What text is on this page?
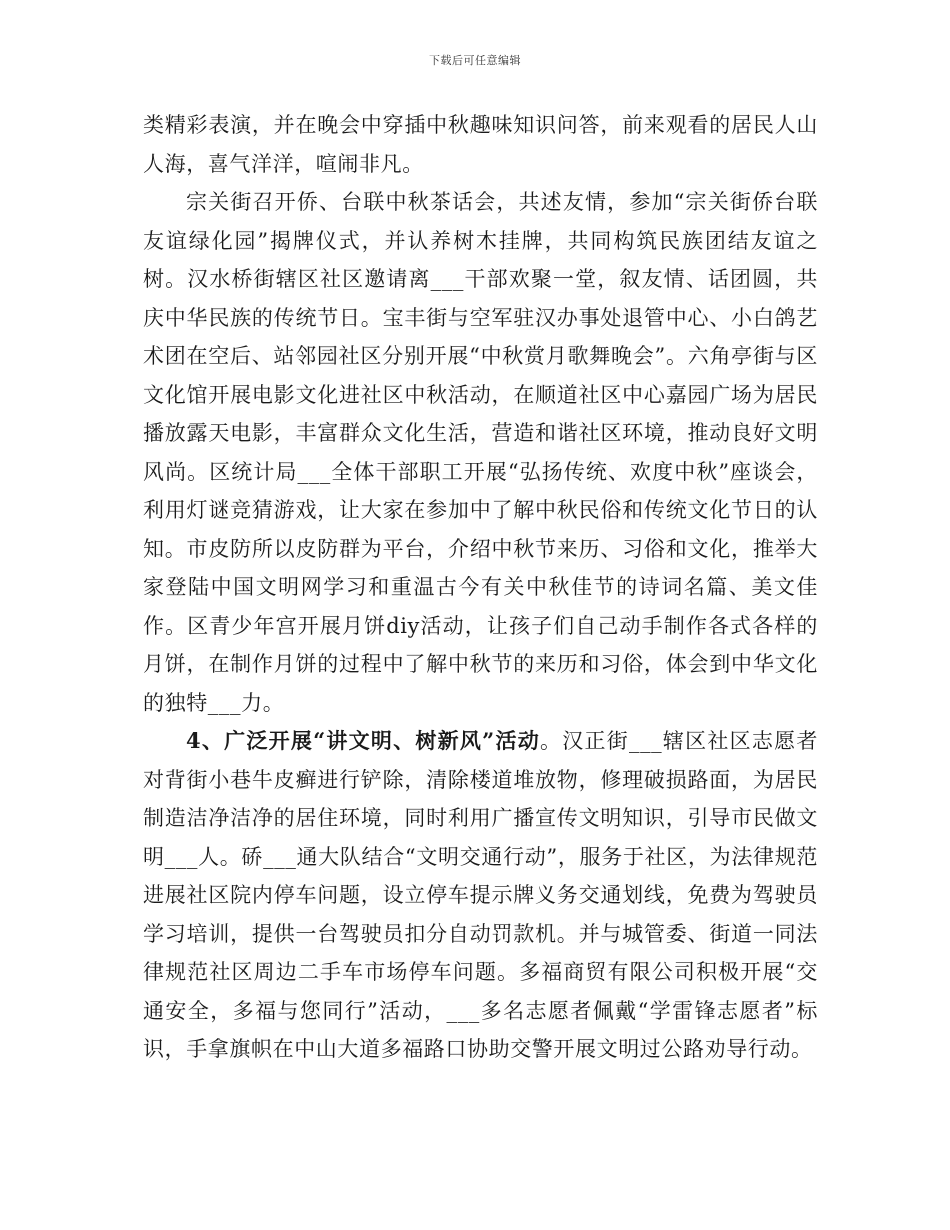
下载后可任意编辑

类精彩表演，并在晚会中穿插中秋趣味知识问答，前来观看的居民人山人海，喜气洋洋，喧闹非凡。

宗关街召开侨、台联中秋茶话会，共述友情，参加“宗关街侨台联友谊绿化园”揭牌仪式，并认养树木挂牌，共同构筑民族团结友谊之树。汉水桥街辖区社区邀请离___干部欢聚一堂，叙友情、话团圆，共庆中华民族的传统节日。宝丰街与空军驻汉办事处退管中心、小白鸽艺术团在空后、站邻园社区分别开展“中秋赏月歌舞晚会”。六角亭街与区文化馆开展电影文化进社区中秋活动，在顺道社区中心嘉园广场为居民播放露天电影，丰富群众文化生活，营造和谐社区环境，推动良好文明风尚。区统计局___全体干部职工开展“弘扬传统、欢度中秋”座谈会，利用灯谜竞猜游戏，让大家在参加中了解中秋民俗和传统文化节日的认知。市皮防所以皮防群为平台，介绍中秋节来历、习俗和文化，推举大家登陆中国文明网学习和重温古今有关中秋佳节的诗词名篇、美文佳作。区青少年宫开展月饼diy活动，让孩子们自己动手制作各式各样的月饼，在制作月饼的过程中了解中秋节的来历和习俗，体会到中华文化的独特___力。

4、广泛开展“讲文明、树新风”活动。汉正街___辖区社区志愿者对背街小巷牛皮癣进行铲除，清除楼道堆放物，修理破损路面，为居民制造洁净洁净的居住环境，同时利用广播宣传文明知识，引导市民做文明___人。硚___通大队结合“文明交通行动”，服务于社区，为法律规范进展社区院内停车问题，设立停车提示牌义务交通划线，免费为驾驶员学习培训，提供一台驾驶员扣分自动罚款机。并与城管委、街道一同法律规范社区周边二手车市场停车问题。多福商贸有限公司积极开展“交通安全，多福与您同行”活动，___多名志愿者佩戴“学雷锋志愿者”标识，手拿旗帜在中山大道多福路口协助交警开展文明过公路劝导行动。
